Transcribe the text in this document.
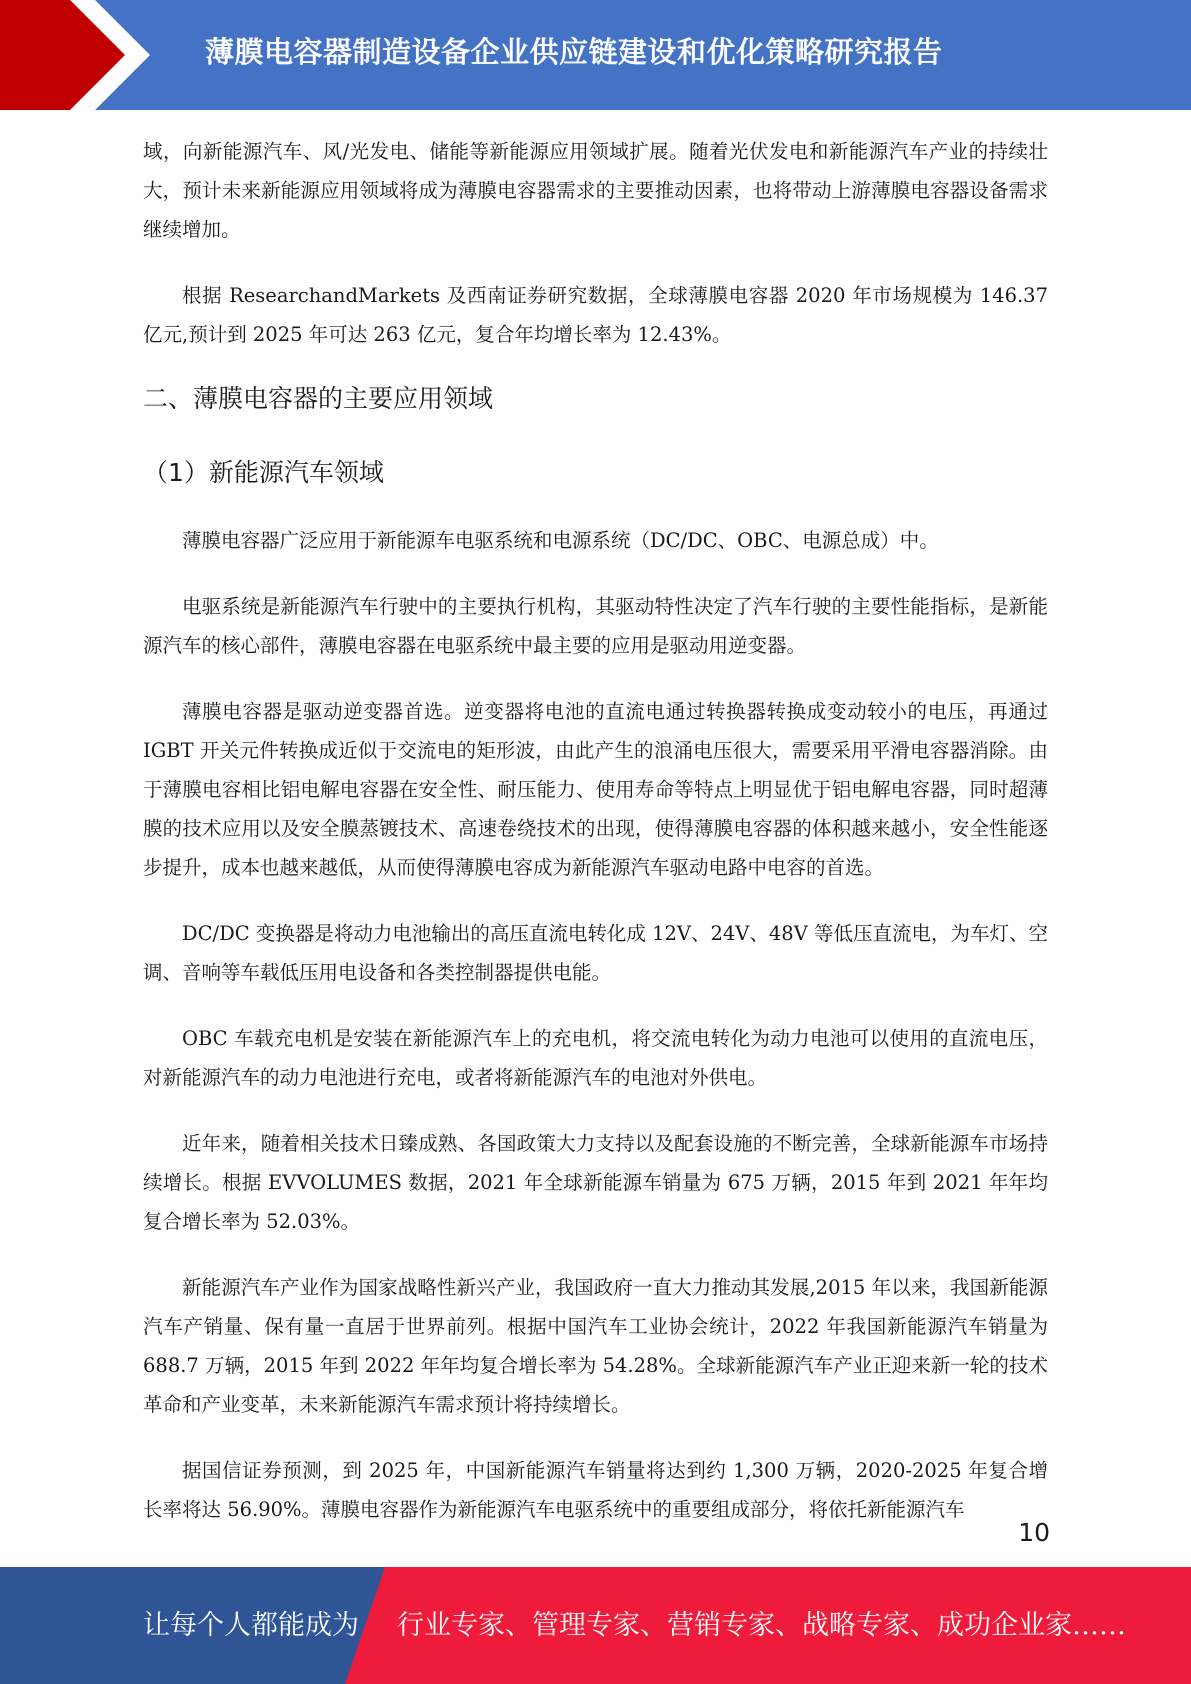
薄膜电容器制造设备企业供应链建设和优化策略研究报告

域，向新能源汽车、风/光发电、储能等新能源应用领域扩展。随着光伏发电和新能源汽车产业的持续壮大，预计未来新能源应用领域将成为薄膜电容器需求的主要推动因素，也将带动上游薄膜电容器设备需求继续增加。

根据 ResearchandMarkets 及西南证券研究数据，全球薄膜电容器 2020 年市场规模为 146.37 亿元,预计到 2025 年可达 263 亿元，复合年均增长率为 12.43%。

二、薄膜电容器的主要应用领域
（1）新能源汽车领域

薄膜电容器广泛应用于新能源车电驱系统和电源系统（DC/DC、OBC、电源总成）中。

电驱系统是新能源汽车行驶中的主要执行机构，其驱动特性决定了汽车行驶的主要性能指标，是新能源汽车的核心部件，薄膜电容器在电驱系统中最主要的应用是驱动用逆变器。

薄膜电容器是驱动逆变器首选。逆变器将电池的直流电通过转换器转换成变动较小的电压，再通过 IGBT 开关元件转换成近似于交流电的矩形波，由此产生的浪涌电压很大，需要采用平滑电容器消除。由于薄膜电容相比铝电解电容器在安全性、耐压能力、使用寿命等特点上明显优于铝电解电容器，同时超薄膜的技术应用以及安全膜蒸镀技术、高速卷绕技术的出现，使得薄膜电容器的体积越来越小，安全性能逐步提升，成本也越来越低，从而使得薄膜电容成为新能源汽车驱动电路中电容的首选。

DC/DC 变换器是将动力电池输出的高压直流电转化成 12V、24V、48V 等低压直流电，为车灯、空调、音响等车载低压用电设备和各类控制器提供电能。

OBC 车载充电机是安装在新能源汽车上的充电机，将交流电转化为动力电池可以使用的直流电压，对新能源汽车的动力电池进行充电，或者将新能源汽车的电池对外供电。

近年来，随着相关技术日臻成熟、各国政策大力支持以及配套设施的不断完善，全球新能源车市场持续增长。根据 EVVOLUMES 数据，2021 年全球新能源车销量为 675 万辆，2015 年到 2021 年年均复合增长率为 52.03%。

新能源汽车产业作为国家战略性新兴产业，我国政府一直大力推动其发展,2015 年以来，我国新能源汽车产销量、保有量一直居于世界前列。根据中国汽车工业协会统计，2022 年我国新能源汽车销量为 688.7 万辆，2015 年到 2022 年年均复合增长率为 54.28%。全球新能源汽车产业正迎来新一轮的技术革命和产业变革，未来新能源汽车需求预计将持续增长。

据国信证券预测，到 2025 年，中国新能源汽车销量将达到约 1,300 万辆，2020-2025 年复合增长率将达 56.90%。薄膜电容器作为新能源汽车电驱系统中的重要组成部分，将依托新能源汽车

10
让每个人都能成为 行业专家、管理专家、营销专家、战略专家、成功企业家……
